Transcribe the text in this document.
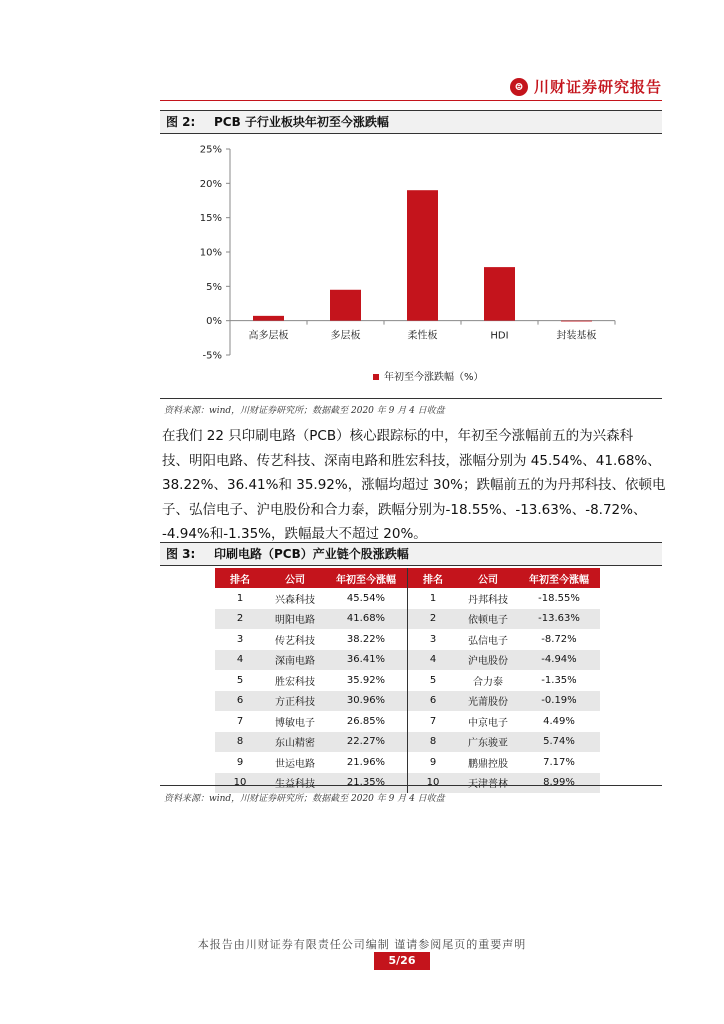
⊜ 川财证券研究报告
图 2: PCB 子行业板块年初至今涨跌幅
高多层板	多层板	柔性板	HDI	封装基板
-5%
0%
5%
10%
15%
20%
25%
年初至今涨跌幅（%）
资料来源：wind，川财证券研究所；数据截至 2020 年 9 月 4 日收盘
在我们 22 只印刷电路（PCB）核心跟踪标的中，年初至今涨幅前五的为兴森科
技、明阳电路、传艺科技、深南电路和胜宏科技，涨幅分别为 45.54%、41.68%、
38.22%、36.41%和 35.92%，涨幅均超过 30%；跌幅前五的为丹邦科技、依顿电
子、弘信电子、沪电股份和合力泰，跌幅分别为-18.55%、-13.63%、-8.72%、
-4.94%和-1.35%，跌幅最大不超过 20%。
图 3: 印刷电路（PCB）产业链个股涨跌幅
排名	公司	年初至今涨幅	排名	公司	年初至今涨幅
1	兴森科技	45.54%	1	丹邦科技	-18.55%
2	明阳电路	41.68%	2	依顿电子	-13.63%
3	传艺科技	38.22%	3	弘信电子	-8.72%
4	深南电路	36.41%	4	沪电股份	-4.94%
5	胜宏科技	35.92%	5	合力泰	-1.35%
6	方正科技	30.96%	6	光莆股份	-0.19%
7	博敏电子	26.85%	7	中京电子	4.49%
8	东山精密	22.27%	8	广东骏亚	5.74%
9	世运电路	21.96%	9	鹏鼎控股	7.17%
10	生益科技	21.35%	10	天津普林	8.99%
资料来源：wind，川财证券研究所；数据截至 2020 年 9 月 4 日收盘
本报告由川财证券有限责任公司编制 谨请参阅尾页的重要声明
5/26
